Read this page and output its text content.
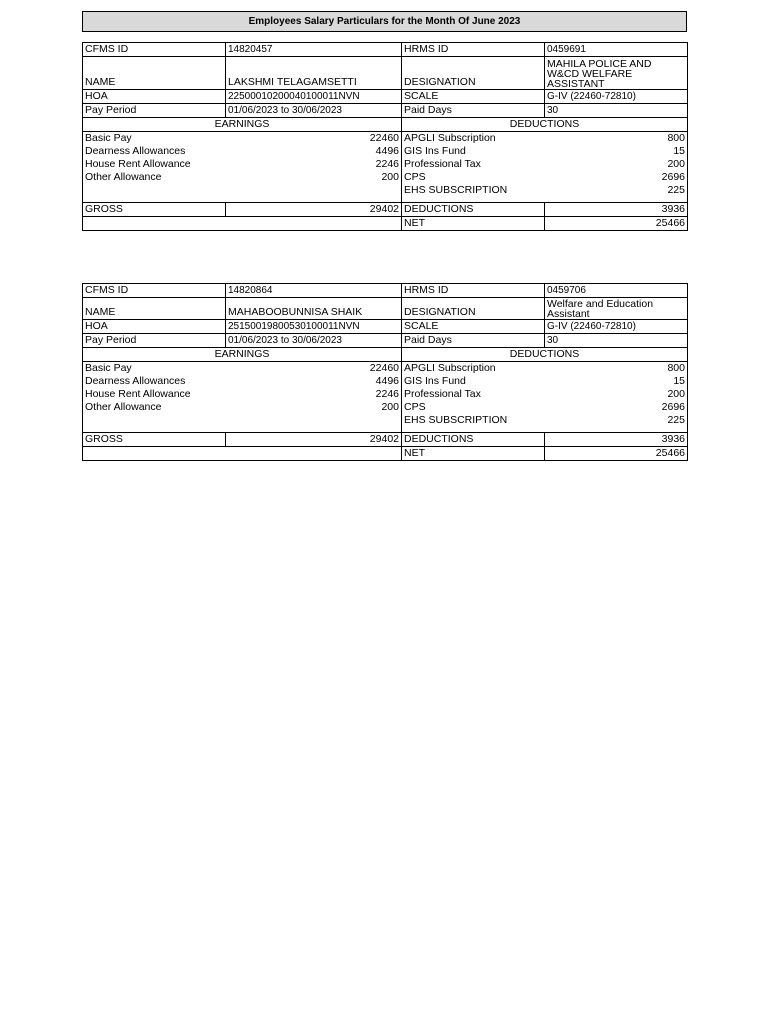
Employees Salary Particulars for the Month Of June 2023
CFMS ID	14820457	HRMS ID	0459691
NAME	LAKSHMI TELAGAMSETTI	DESIGNATION	MAHILA POLICE AND W&CD WELFARE ASSISTANT
HOA	22500010200040100011NVN	SCALE	G-IV (22460-72810)
Pay Period	01/06/2023 to 30/06/2023	Paid Days	30
EARNINGS		DEDUCTIONS	
Basic Pay	22460	APGLI Subscription	800
Dearness Allowances	4496	GIS Ins Fund	15
House Rent Allowance	2246	Professional Tax	200
Other Allowance	200	CPS	2696
		EHS SUBSCRIPTION	225

GROSS	29402	DEDUCTIONS	3936
		NET	25466
CFMS ID	14820864	HRMS ID	0459706
NAME	MAHABOOBUNNISA SHAIK	DESIGNATION	Welfare and Education Assistant
HOA	25150019800530100011NVN	SCALE	G-IV (22460-72810)
Pay Period	01/06/2023 to 30/06/2023	Paid Days	30
EARNINGS		DEDUCTIONS	
Basic Pay	22460	APGLI Subscription	800
Dearness Allowances	4496	GIS Ins Fund	15
House Rent Allowance	2246	Professional Tax	200
Other Allowance	200	CPS	2696
		EHS SUBSCRIPTION	225

GROSS	29402	DEDUCTIONS	3936
		NET	25466
